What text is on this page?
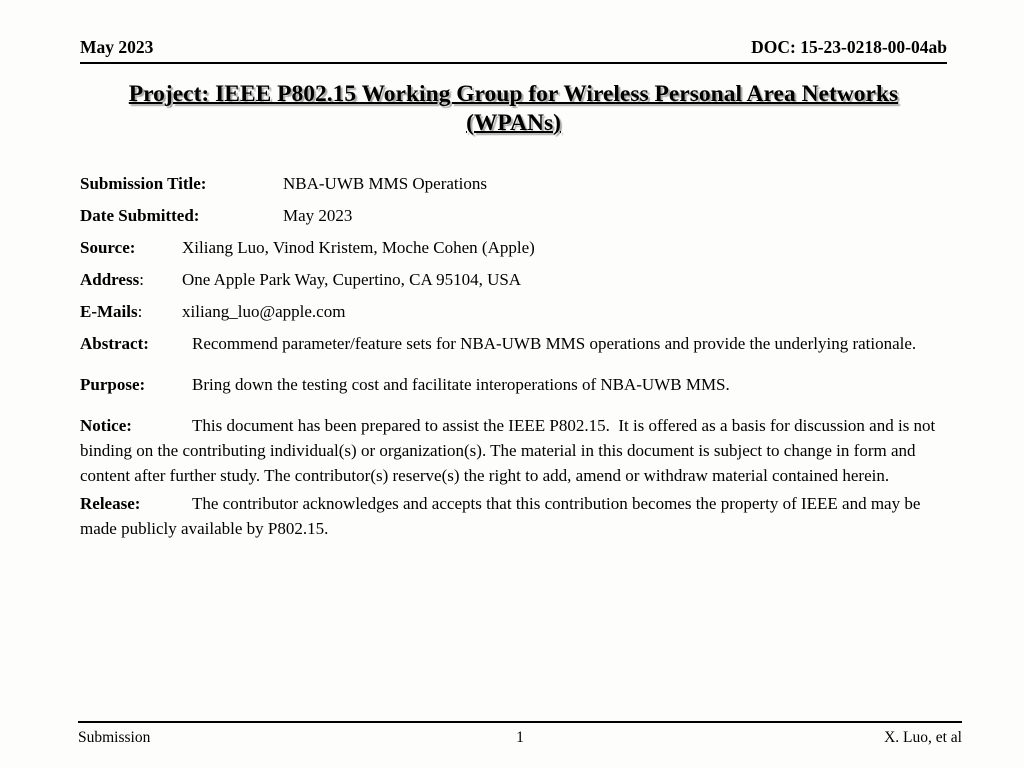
May 2023	DOC: 15-23-0218-00-04ab
Project: IEEE P802.15 Working Group for Wireless Personal Area Networks
(WPANs)
Submission Title:	NBA-UWB MMS Operations
Date Submitted:	May 2023
Source:	Xiliang Luo, Vinod Kristem, Moche Cohen (Apple)
Address:	One Apple Park Way, Cupertino, CA 95104, USA
E-Mails:	xiliang_luo@apple.com
Abstract:	Recommend parameter/feature sets for NBA-UWB MMS operations and provide the underlying rationale.
Purpose:	Bring down the testing cost and facilitate interoperations of NBA-UWB MMS.
Notice:	This document has been prepared to assist the IEEE P802.15.  It is offered as a basis for discussion and is not binding on the contributing individual(s) or organization(s). The material in this document is subject to change in form and content after further study. The contributor(s) reserve(s) the right to add, amend or withdraw material contained herein.
Release:	The contributor acknowledges and accepts that this contribution becomes the property of IEEE and may be made publicly available by P802.15.
Submission	1	X. Luo, et al
